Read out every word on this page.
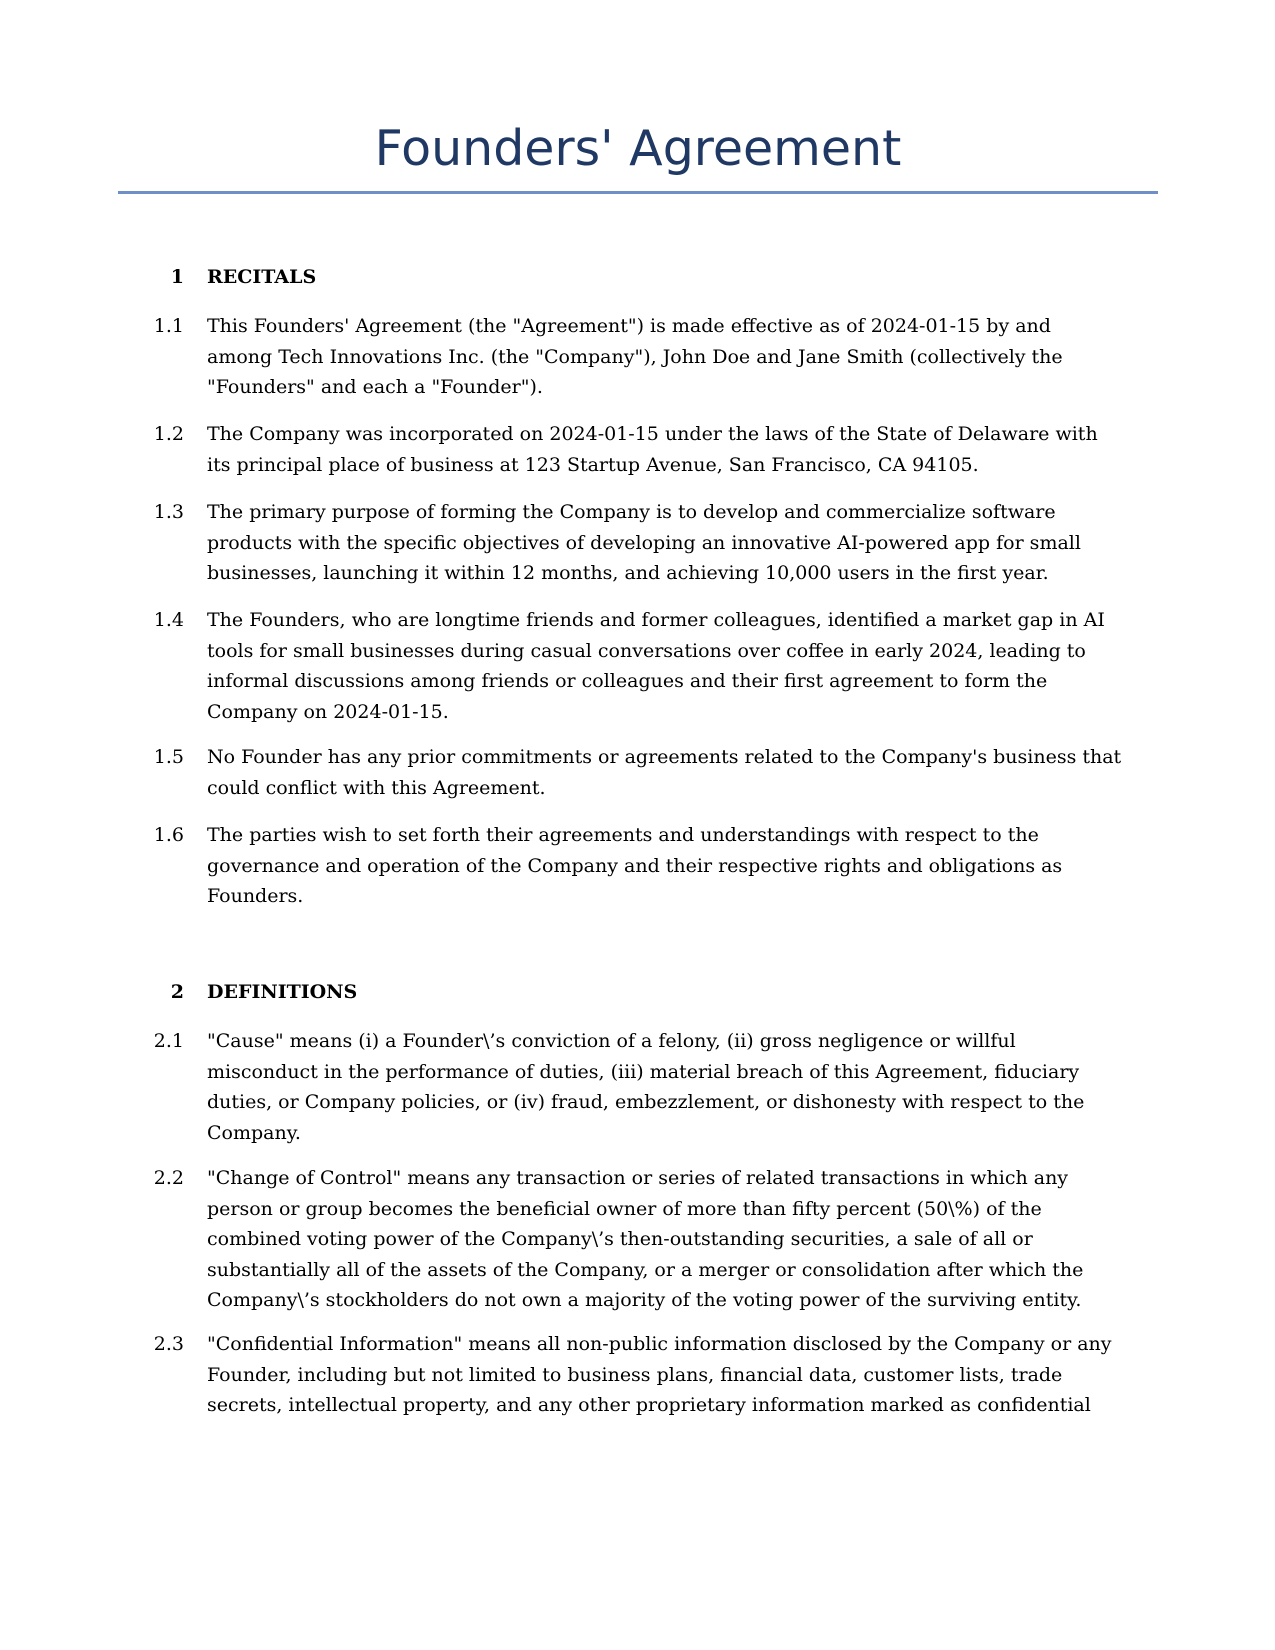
Founders' Agreement
1 RECITALS
1.1 This Founders' Agreement (the "Agreement") is made effective as of 2024-01-15 by and
among Tech Innovations Inc. (the "Company"), John Doe and Jane Smith (collectively the
"Founders" and each a "Founder").
1.2 The Company was incorporated on 2024-01-15 under the laws of the State of Delaware with
its principal place of business at 123 Startup Avenue, San Francisco, CA 94105.
1.3 The primary purpose of forming the Company is to develop and commercialize software
products with the specific objectives of developing an innovative AI-powered app for small
businesses, launching it within 12 months, and achieving 10,000 users in the first year.
1.4 The Founders, who are longtime friends and former colleagues, identified a market gap in AI
tools for small businesses during casual conversations over coffee in early 2024, leading to
informal discussions among friends or colleagues and their first agreement to form the
Company on 2024-01-15.
1.5 No Founder has any prior commitments or agreements related to the Company's business that
could conflict with this Agreement.
1.6 The parties wish to set forth their agreements and understandings with respect to the
governance and operation of the Company and their respective rights and obligations as
Founders.
2 DEFINITIONS
2.1 "Cause" means (i) a Founder\’s conviction of a felony, (ii) gross negligence or willful
misconduct in the performance of duties, (iii) material breach of this Agreement, fiduciary
duties, or Company policies, or (iv) fraud, embezzlement, or dishonesty with respect to the
Company.
2.2 "Change of Control" means any transaction or series of related transactions in which any
person or group becomes the beneficial owner of more than fifty percent (50\%) of the
combined voting power of the Company\’s then-outstanding securities, a sale of all or
substantially all of the assets of the Company, or a merger or consolidation after which the
Company\’s stockholders do not own a majority of the voting power of the surviving entity.
2.3 "Confidential Information" means all non-public information disclosed by the Company or any
Founder, including but not limited to business plans, financial data, customer lists, trade
secrets, intellectual property, and any other proprietary information marked as confidential
